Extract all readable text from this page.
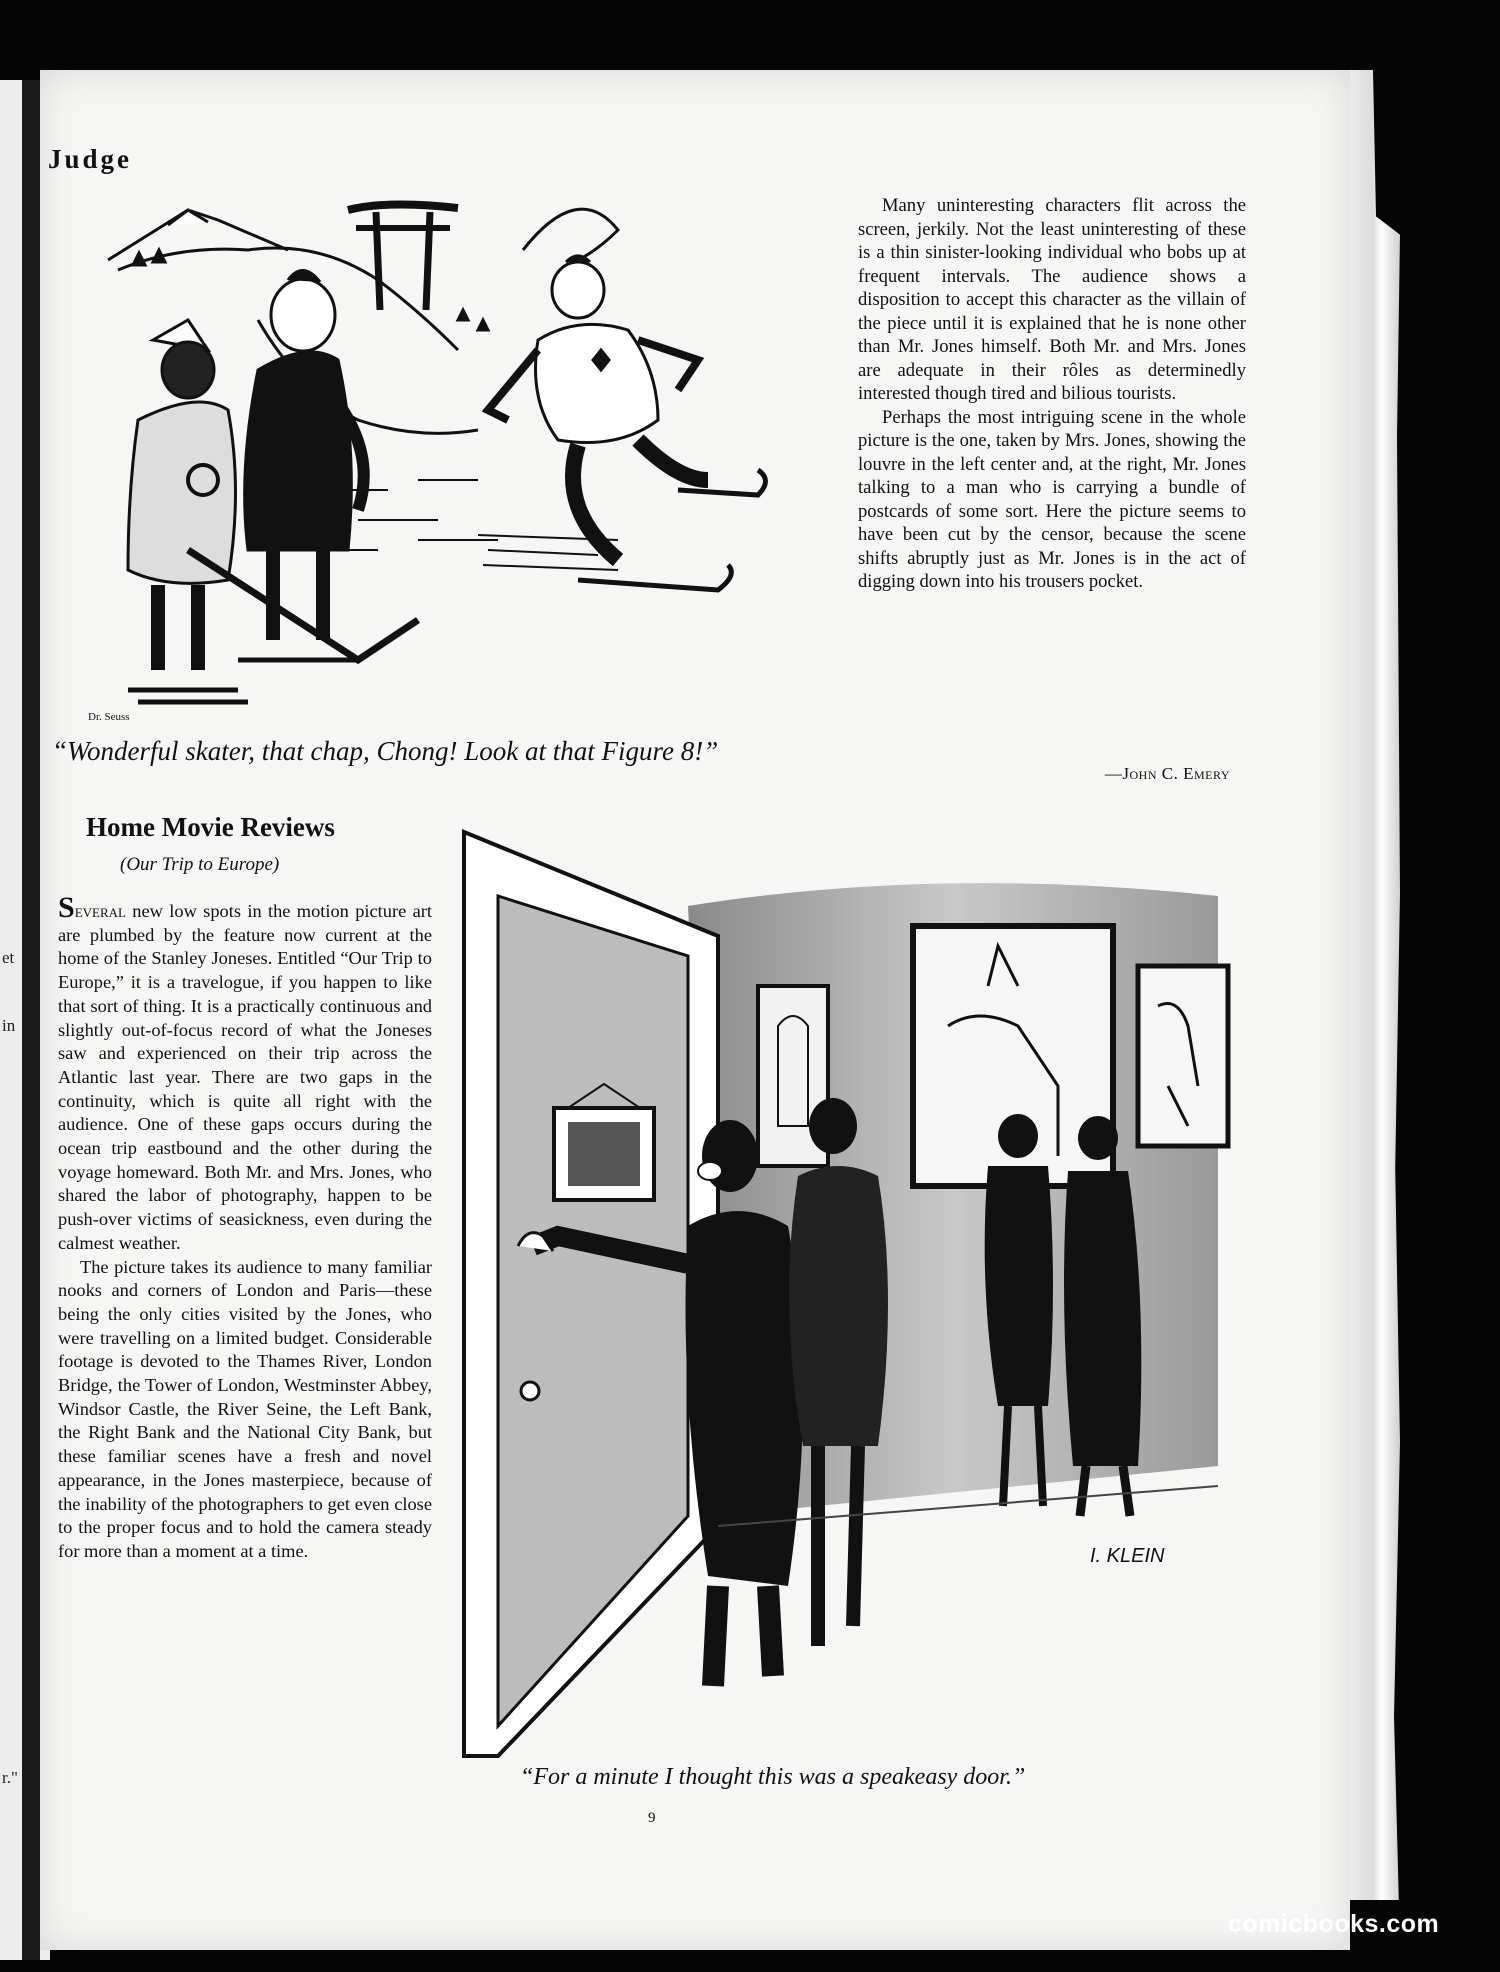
et
in
r."
Judge
Dr. Seuss
“Wonderful skater, that chap, Chong! Look at that Figure 8!”

Many uninteresting characters flit across the screen, jerkily. Not the least uninteresting of these is a thin sinister-looking individual who bobs up at frequent intervals. The audience shows a disposition to accept this character as the villain of the piece until it is explained that he is none other than Mr. Jones himself. Both Mr. and Mrs. Jones are adequate in their rôles as determinedly interested though tired and bilious tourists.

Perhaps the most intriguing scene in the whole picture is the one, taken by Mrs. Jones, showing the louvre in the left center and, at the right, Mr. Jones talking to a man who is carrying a bundle of postcards of some sort. Here the picture seems to have been cut by the censor, because the scene shifts abruptly just as Mr. Jones is in the act of digging down into his trousers pocket.

—John C. Emery
Home Movie Reviews
(Our Trip to Europe)

Several new low spots in the motion picture art are plumbed by the feature now current at the home of the Stanley Joneses. Entitled “Our Trip to Europe,” it is a travelogue, if you happen to like that sort of thing. It is a practically continuous and slightly out-of-focus record of what the Joneses saw and experienced on their trip across the Atlantic last year. There are two gaps in the continuity, which is quite all right with the audience. One of these gaps occurs during the ocean trip eastbound and the other during the voyage homeward. Both Mr. and Mrs. Jones, who shared the labor of photography, happen to be push-over victims of seasickness, even during the calmest weather.

The picture takes its audience to many familiar nooks and corners of London and Paris—these being the only cities visited by the Jones, who were travelling on a limited budget. Considerable footage is devoted to the Thames River, London Bridge, the Tower of London, Westminster Abbey, Windsor Castle, the River Seine, the Left Bank, the Right Bank and the National City Bank, but these familiar scenes have a fresh and novel appearance, in the Jones masterpiece, because of the inability of the photographers to get even close to the proper focus and to hold the camera steady for more than a moment at a time.	I. KLEIN
“For a minute I thought this was a speakeasy door.”
9
comicbooks.com
